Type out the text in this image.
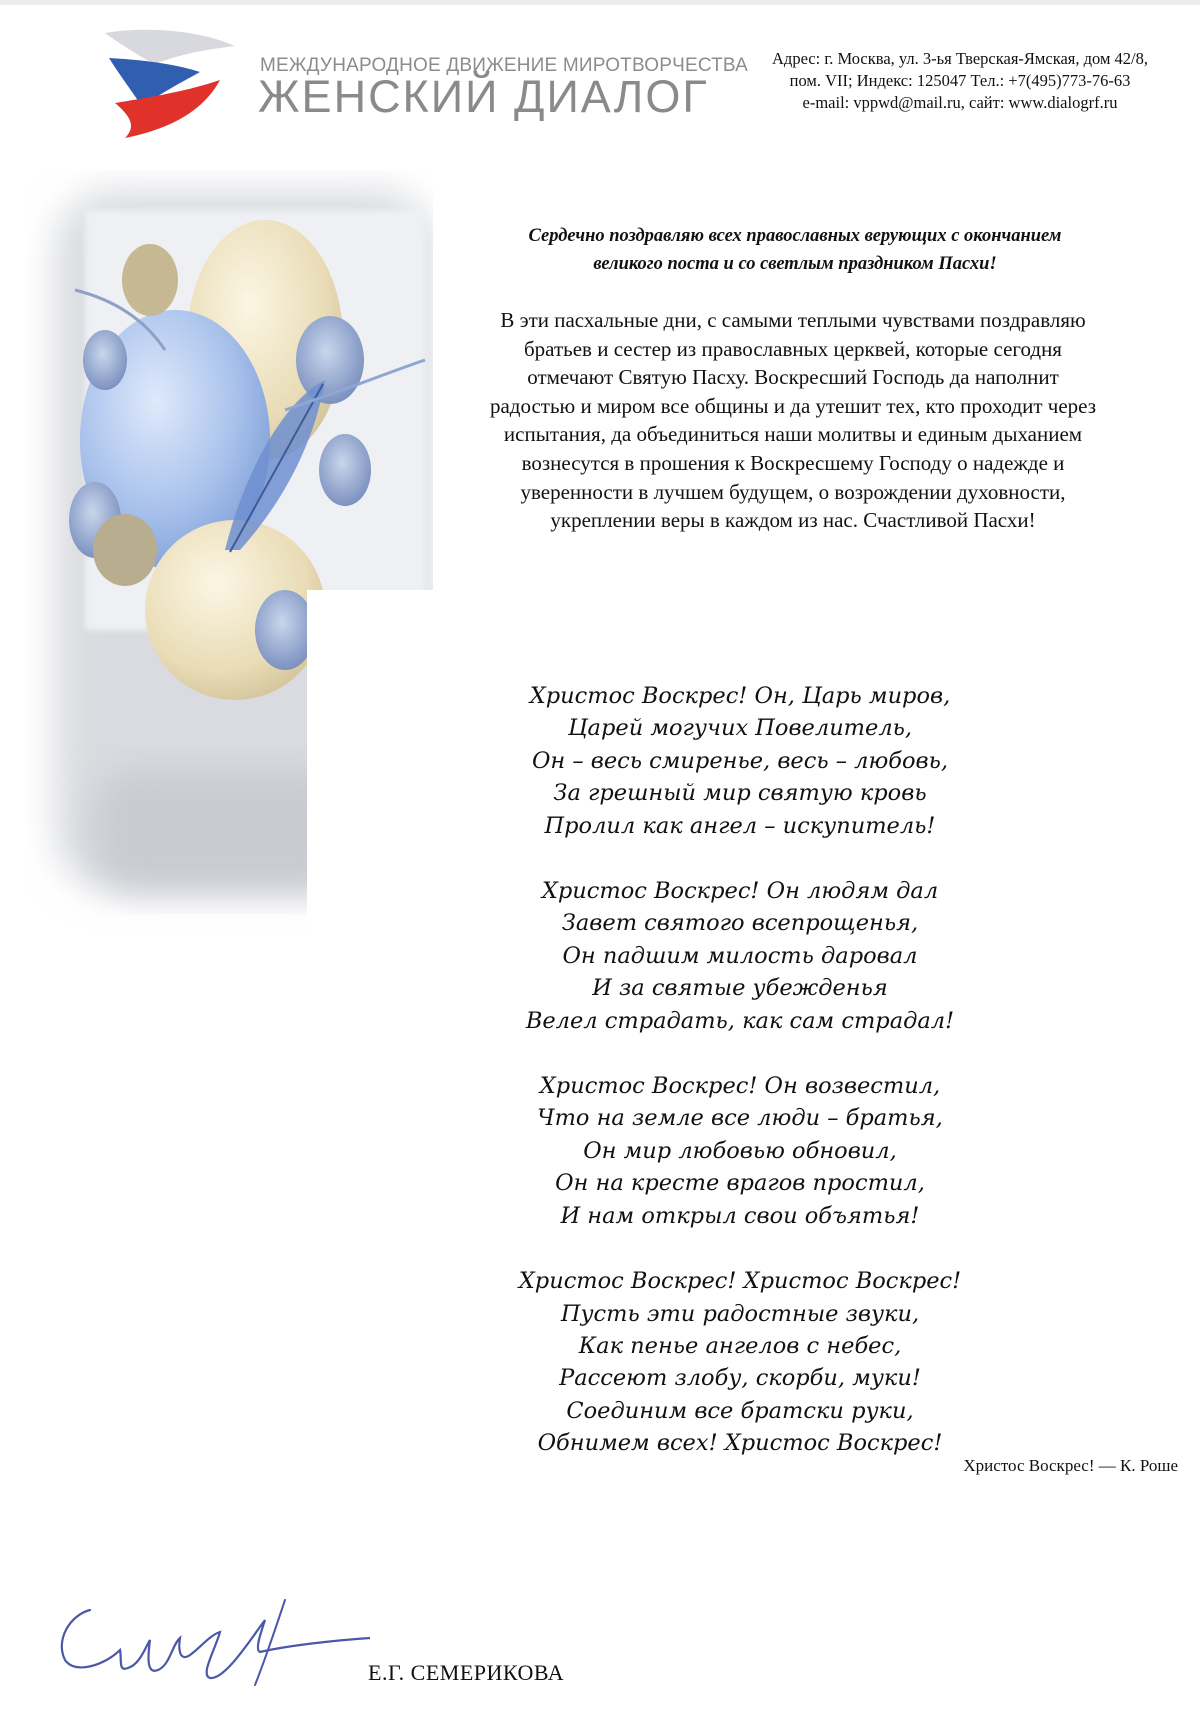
МЕЖДУНАРОДНОЕ ДВИЖЕНИЕ МИРОТВОРЧЕСТВА
ЖЕНСКИЙ ДИАЛОГ
Адрес: г. Москва, ул. 3-ья Тверская-Ямская, дом 42/8,
пом. VII; Индекс: 125047 Тел.: +7(495)773-76-63
e-mail: vppwd@mail.ru, сайт: www.dialogrf.ru
Сердечно поздравляю всех православных верующих с окончанием великого поста и со светлым праздником Пасхи!
В эти пасхальные дни, с самыми теплыми чувствами поздравляю братьев и сестер из православных церквей, которые сегодня отмечают Святую Пасху. Воскресший Господь да наполнит радостью и миром все общины и да утешит тех, кто проходит через испытания, да объединиться наши молитвы и единым дыханием вознесутся в прошения к Воскресшему Господу о надежде и уверенности в лучшем будущем, о возрождении духовности, укреплении веры в каждом из нас. Счастливой Пасхи!
Христос Воскрес! Он, Царь миров,
Царей могучих Повелитель,
Он – весь смиренье, весь – любовь,
За грешный мир святую кровь
Пролил как ангел – искупитель!
Христос Воскрес! Он людям дал
Завет святого всепрощенья,
Он падшим милость даровал
И за святые убежденья
Велел страдать, как сам страдал!
Христос Воскрес! Он возвестил,
Что на земле все люди – братья,
Он мир любовью обновил,
Он на кресте врагов простил,
И нам открыл свои объятья!
Христос Воскрес! Христос Воскрес!
Пусть эти радостные звуки,
Как пенье ангелов с небес,
Рассеют злобу, скорби, муки!
Соединим все братски руки,
Обнимем всех! Христос Воскрес!
Христос Воскрес! — К. Роше
Е.Г. СЕМЕРИКОВА
